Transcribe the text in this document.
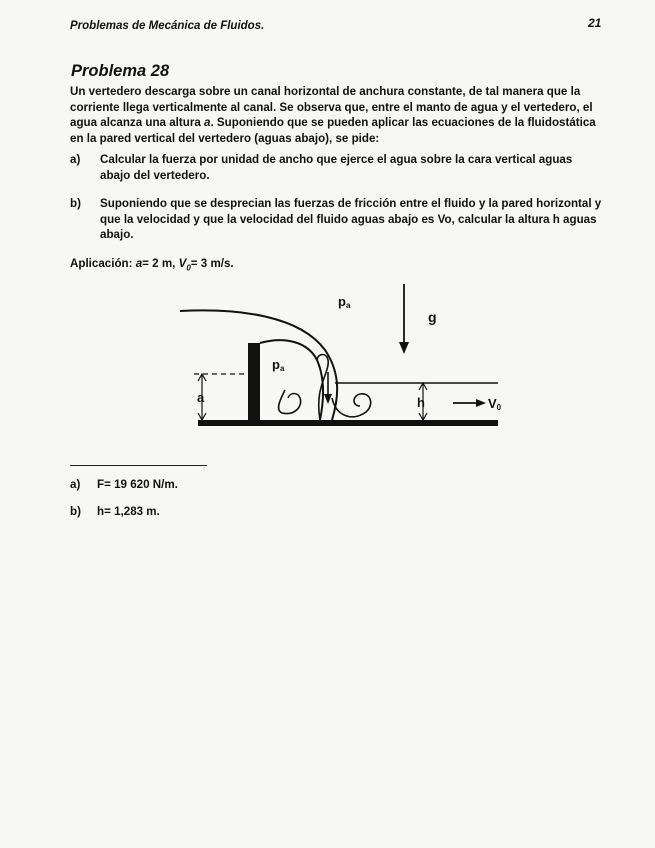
Problemas de Mecánica de Fluidos.	21
Problema 28
Un vertedero descarga sobre un canal horizontal de anchura constante, de tal manera que la corriente llega verticalmente al canal. Se observa que, entre el manto de agua y el vertedero, el agua alcanza una altura a. Suponiendo que se pueden aplicar las ecuaciones de la fluidostática en la pared vertical del vertedero (aguas abajo), se pide:
a) Calcular la fuerza por unidad de ancho que ejerce el agua sobre la cara vertical aguas abajo del vertedero.
b) Suponiendo que se desprecian las fuerzas de fricción entre el fluido y la pared horizontal y que la velocidad y que la velocidad del fluido aguas abajo es Vo, calcular la altura h aguas abajo.
Aplicación: a= 2 m, $V_0= 3$ m/s.
pa
pa
g
a	h	V0
a) F= 19 620 N/m.
b) h= 1,283 m.
